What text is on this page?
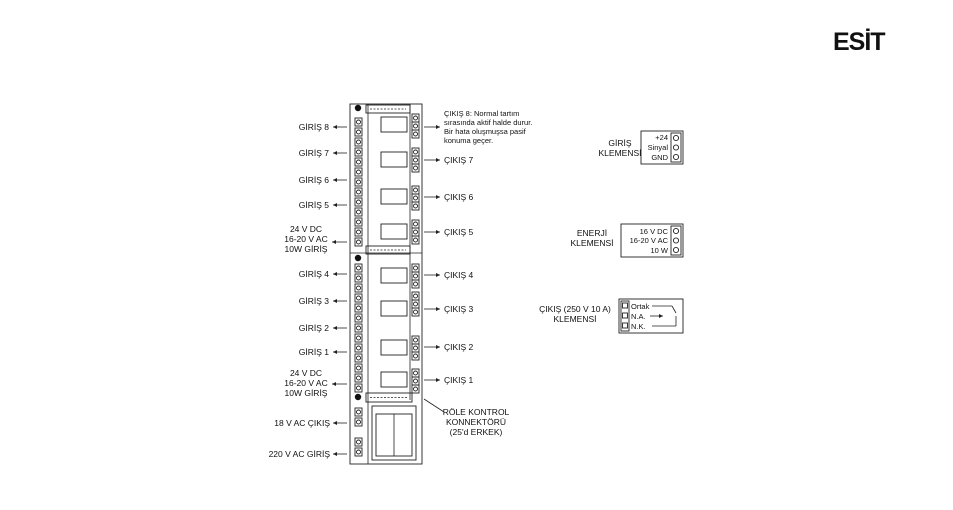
ESİT
GİRİŞ 8
GİRİŞ 7
GİRİŞ 6
GİRİŞ 5
GİRİŞ 4
GİRİŞ 3
GİRİŞ 2
GİRİŞ 1
24 V DC
16-20 V AC
10W GİRİŞ
24 V DC
16-20 V AC
10W GİRİŞ
18 V AC ÇIKIŞ
220 V AC GİRİŞ
ÇIKIŞ 8: Normal tartım
sırasında aktif halde durur.
Bir hata oluşmuşsa pasif
konuma geçer.
ÇIKIŞ 7
ÇIKIŞ 6
ÇIKIŞ 5
ÇIKIŞ 4
ÇIKIŞ 3
ÇIKIŞ 2
ÇIKIŞ 1
RÖLE KONTROL
KONNEKTÖRÜ
(25'd ERKEK)
GİRİŞ
KLEMENSİ
+24
Sinyal
GND
ENERJİ
KLEMENSİ
16 V DC
16-20 V AC
10 W
ÇIKIŞ (250 V 10 A)
KLEMENSİ
Ortak
N.A.
N.K.
